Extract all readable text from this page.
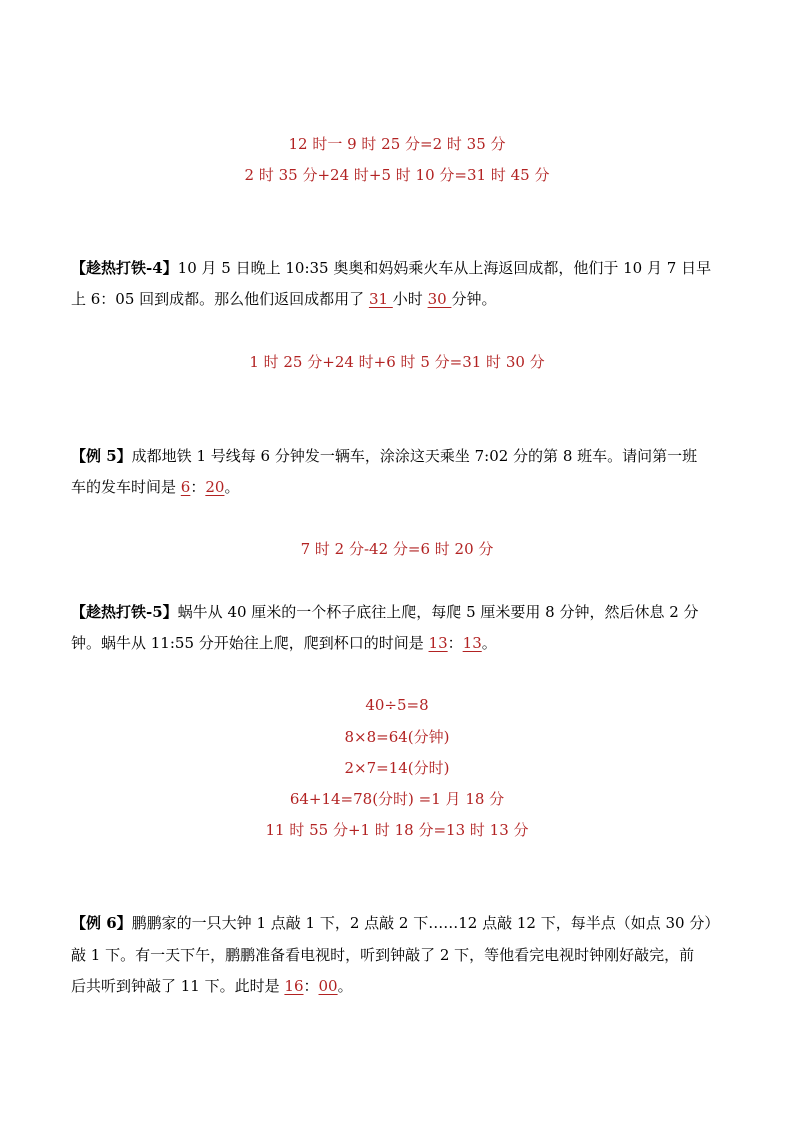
12 时一 9 时 25 分=2 时 35 分
2 时 35 分+24 时+5 时 10 分=31 时 45 分
【趁热打铁-4】10 月 5 日晚上 10:35 奥奥和妈妈乘火车从上海返回成都，他们于 10 月 7 日早
上 6：05 回到成都。那么他们返回成都用了 31 小时 30 分钟。
1 时 25 分+24 时+6 时 5 分=31 时 30 分
【例 5】成都地铁 1 号线每 6 分钟发一辆车，涂涂这天乘坐 7:02 分的第 8 班车。请问第一班
车的发车时间是 6：20。
7 时 2 分-42 分=6 时 20 分
【趁热打铁-5】蜗牛从 40 厘米的一个杯子底往上爬，每爬 5 厘米要用 8 分钟，然后休息 2 分
钟。蜗牛从 11:55 分开始往上爬，爬到杯口的时间是 13：13。
40÷5=8
8×8=64(分钟)
2×7=14(分时)
64+14=78(分时) =1 月 18 分
11 时 55 分+1 时 18 分=13 时 13 分
【例 6】鹏鹏家的一只大钟 1 点敲 1 下，2 点敲 2 下……12 点敲 12 下，每半点（如点 30 分）
敲 1 下。有一天下午，鹏鹏准备看电视时，听到钟敲了 2 下，等他看完电视时钟刚好敲完，前
后共听到钟敲了 11 下。此时是 16：00。
